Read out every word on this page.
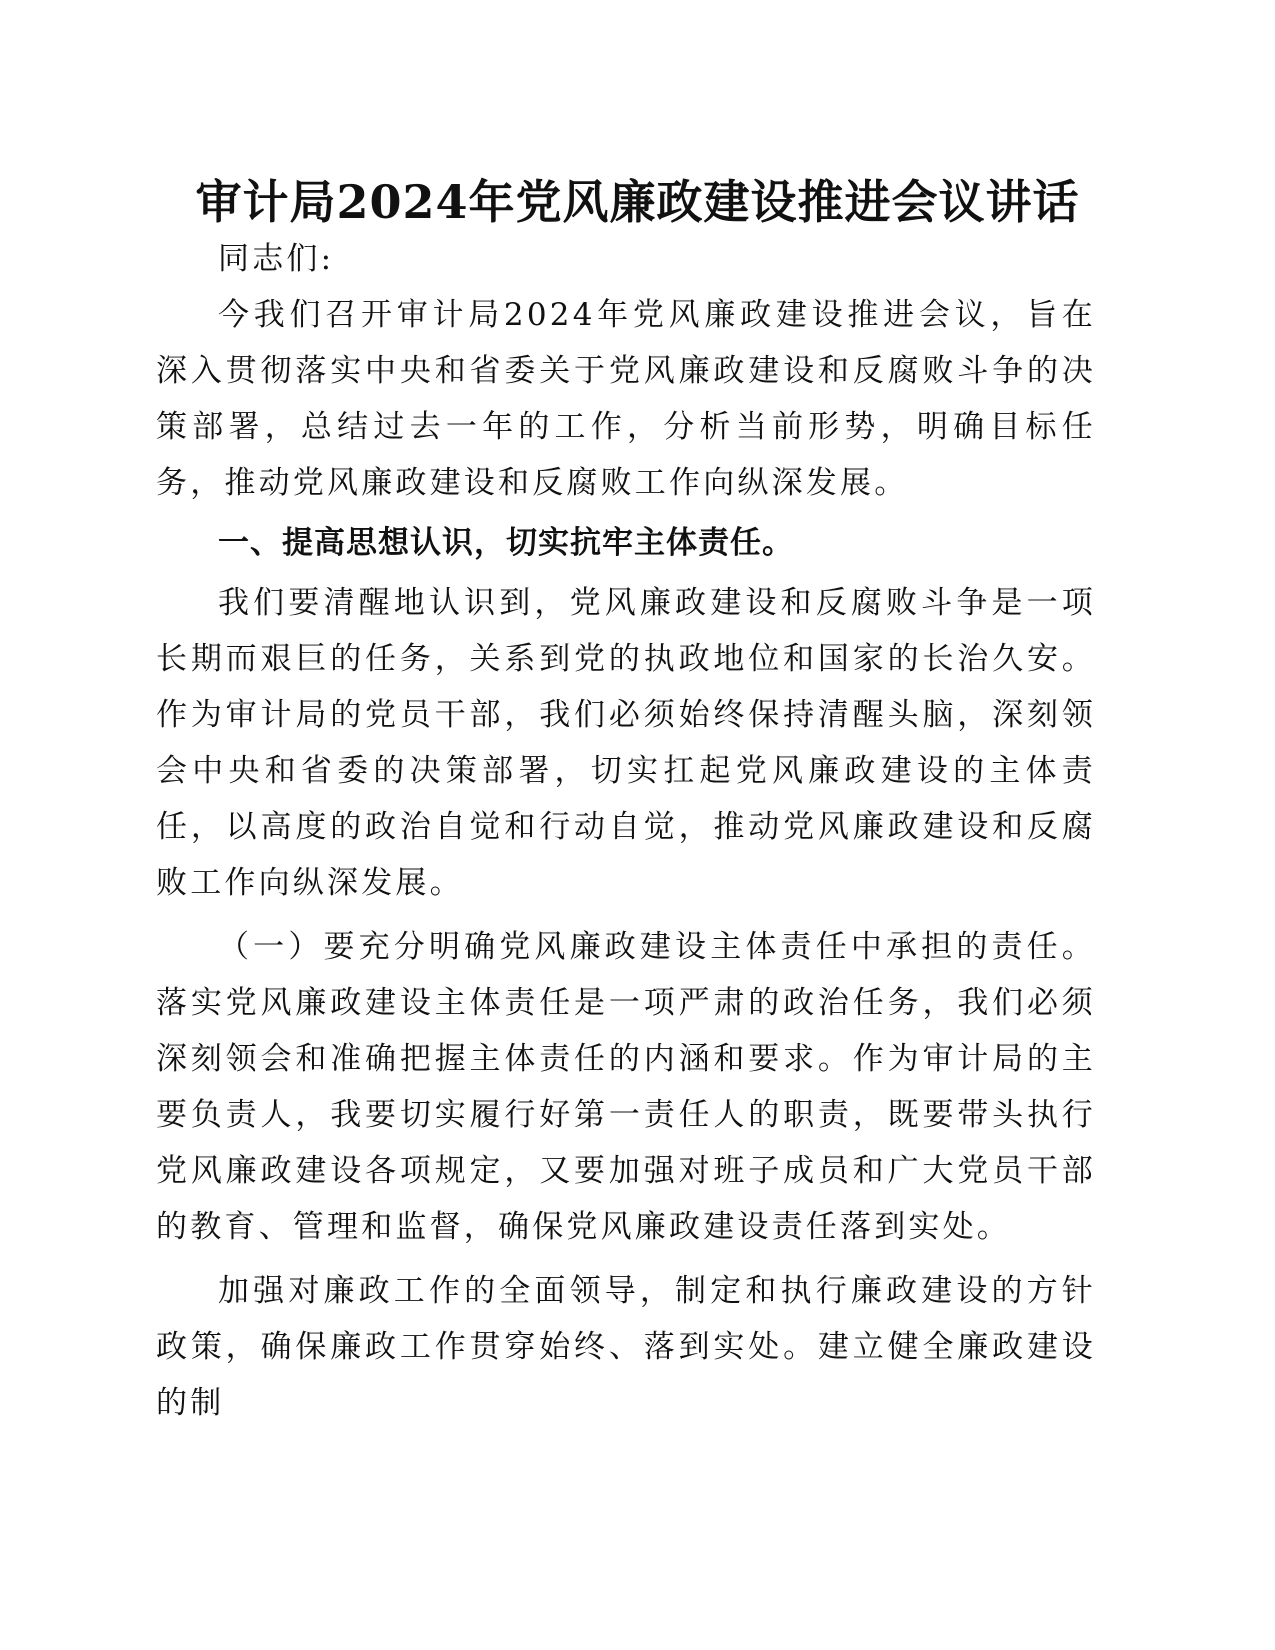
审计局2024年党风廉政建设推进会议讲话

同志们:

今我们召开审计局2024年党风廉政建设推进会议，旨在深入贯彻落实中央和省委关于党风廉政建设和反腐败斗争的决策部署，总结过去一年的工作，分析当前形势，明确目标任务，推动党风廉政建设和反腐败工作向纵深发展。

一、提高思想认识，切实抗牢主体责任。

我们要清醒地认识到，党风廉政建设和反腐败斗争是一项长期而艰巨的任务，关系到党的执政地位和国家的长治久安。作为审计局的党员干部，我们必须始终保持清醒头脑，深刻领会中央和省委的决策部署，切实扛起党风廉政建设的主体责任，以高度的政治自觉和行动自觉，推动党风廉政建设和反腐败工作向纵深发展。

（一）要充分明确党风廉政建设主体责任中承担的责任。落实党风廉政建设主体责任是一项严肃的政治任务，我们必须深刻领会和准确把握主体责任的内涵和要求。作为审计局的主要负责人，我要切实履行好第一责任人的职责，既要带头执行党风廉政建设各项规定，又要加强对班子成员和广大党员干部的教育、管理和监督，确保党风廉政建设责任落到实处。

加强对廉政工作的全面领导，制定和执行廉政建设的方针政策，确保廉政工作贯穿始终、落到实处。建立健全廉政建设的制
